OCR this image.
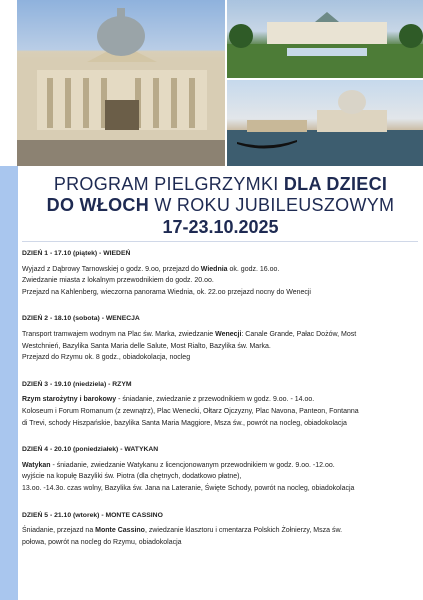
PROGRAM PIELGRZYMKI DLA DZIECI
DO WŁOCH W ROKU JUBILEUSZOWYM
17-23.10.2025
DZIEŃ 1 - 17.10 (piątek) - WIEDEŃ

Wyjazd z Dąbrowy Tarnowskiej o godz. 9.oo, przejazd do Wiednia ok. godz. 16.oo.

Zwiedzanie miasta z lokalnym przewodnikiem do godz. 20.oo.

Przejazd na Kahlenberg, wieczorna panorama Wiednia, ok. 22.oo przejazd nocny do Wenecji

DZIEŃ 2 - 18.10 (sobota) - WENECJA

Transport tramwajem wodnym na Plac św. Marka, zwiedzanie Wenecji: Canale Grande, Pałac Dożów, Most

Westchnień, Bazylika Santa Maria delle Salute, Most Rialto, Bazylika św. Marka.

Przejazd do Rzymu ok. 8 godz., obiadokolacja, nocleg

DZIEŃ 3 - 19.10 (niedziela) - RZYM

Rzym starożytny i barokowy - śniadanie, zwiedzanie z przewodnikiem w godz. 9.oo. - 14.oo.

Koloseum i Forum Romanum (z zewnątrz), Plac Wenecki, Ołtarz Ojczyzny, Plac Navona, Panteon, Fontanna

di Trevi, schody Hiszpańskie, bazylika Santa Maria Maggiore, Msza św., powrót na nocleg, obiadokolacja

DZIEŃ 4 - 20.10 (poniedziałek) - WATYKAN

Watykan - śniadanie, zwiedzanie Watykanu z licencjonowanym przewodnikiem w godz. 9.oo. -12.oo.

wyjście na kopułę Bazyliki św. Piotra (dla chętnych, dodatkowo płatne),

13.oo. -14.3o. czas wolny, Bazylika św. Jana na Lateranie, Święte Schody, powrót na nocleg, obiadokolacja

DZIEŃ 5 - 21.10 (wtorek) - MONTE CASSINO

Śniadanie, przejazd na Monte Cassino, zwiedzanie klasztoru i cmentarza Polskich Żołnierzy, Msza św.

połowa, powrót na nocleg do Rzymu, obiadokolacja
